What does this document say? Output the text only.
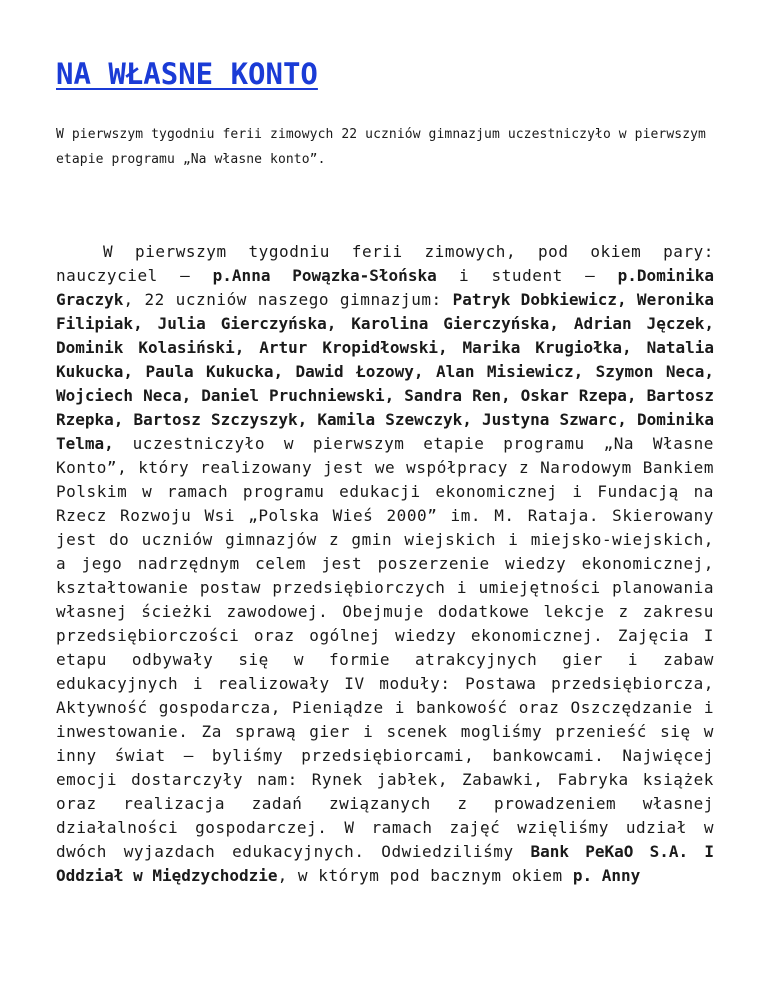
NA WŁASNE KONTO
W pierwszym tygodniu ferii zimowych 22 uczniów gimnazjum uczestniczyło w pierwszym etapie programu „Na własne konto”.
W pierwszym tygodniu ferii zimowych, pod okiem pary: nauczyciel – p.Anna Powązka-Słońska i student – p.Dominika Graczyk, 22 uczniów naszego gimnazjum: Patryk Dobkiewicz, Weronika Filipiak, Julia Gierczyńska, Karolina Gierczyńska, Adrian Jęczek, Dominik Kolasiński, Artur Kropidłowski, Marika Krugiołka, Natalia Kukucka, Paula Kukucka, Dawid Łozowy, Alan Misiewicz, Szymon Neca, Wojciech Neca, Daniel Pruchniewski, Sandra Ren, Oskar Rzepa, Bartosz Rzepka, Bartosz Szczyszyk, Kamila Szewczyk, Justyna Szwarc, Dominika Telma, uczestniczyło w pierwszym etapie programu „Na Własne Konto”, który realizowany jest we współpracy z Narodowym Bankiem Polskim w ramach programu edukacji ekonomicznej i Fundacją na Rzecz Rozwoju Wsi „Polska Wieś 2000” im. M. Rataja. Skierowany jest do uczniów gimnazjów z gmin wiejskich i miejsko-wiejskich, a jego nadrzędnym celem jest poszerzenie wiedzy ekonomicznej, kształtowanie postaw przedsiębiorczych i umiejętności planowania własnej ścieżki zawodowej. Obejmuje dodatkowe lekcje z zakresu przedsiębiorczości oraz ogólnej wiedzy ekonomicznej. Zajęcia I etapu odbywały się w formie atrakcyjnych gier i zabaw edukacyjnych i realizowały IV moduły: Postawa przedsiębiorcza, Aktywność gospodarcza, Pieniądze i bankowość oraz Oszczędzanie i inwestowanie. Za sprawą gier i scenek mogliśmy przenieść się w inny świat – byliśmy przedsiębiorcami, bankowcami. Najwięcej emocji dostarczyły nam: Rynek jabłek, Zabawki, Fabryka książek oraz realizacja zadań związanych z prowadzeniem własnej działalności gospodarczej. W ramach zajęć wzięliśmy udział w dwóch wyjazdach edukacyjnych. Odwiedziliśmy Bank PeKaO S.A. I Oddział w Międzychodzie, w którym pod bacznym okiem p. Anny
